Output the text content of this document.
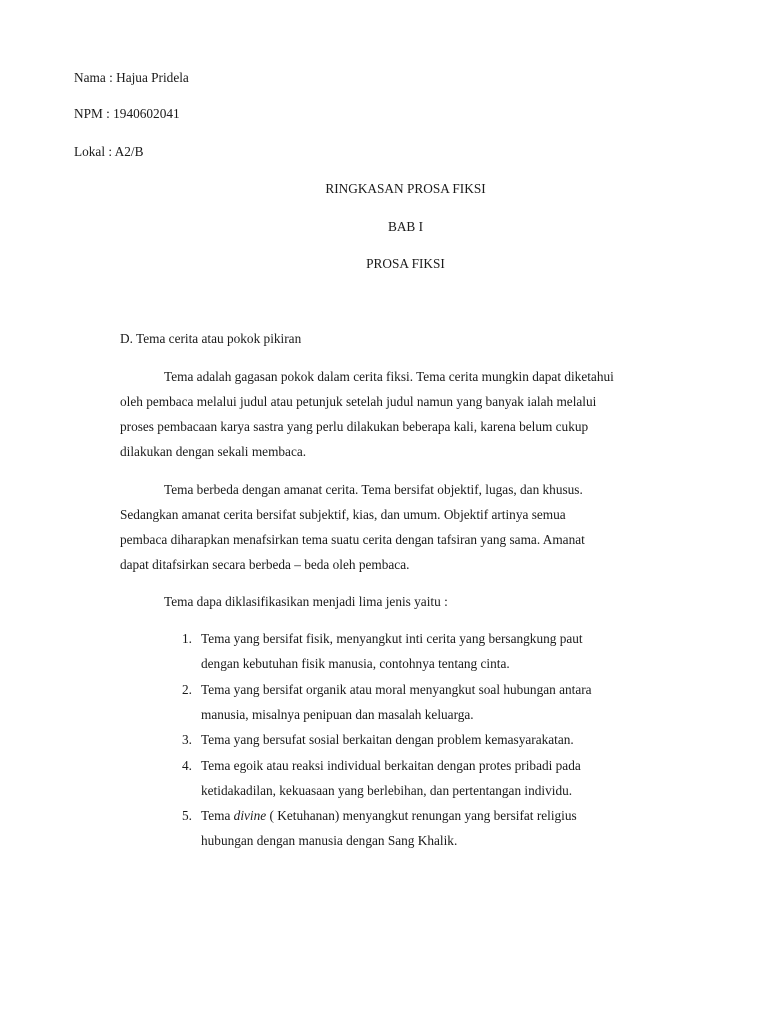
Nama : Hajua Pridela
NPM : 1940602041
Lokal : A2/B
RINGKASAN PROSA FIKSI
BAB I
PROSA FIKSI
D. Tema cerita atau pokok pikiran
Tema adalah gagasan pokok dalam cerita fiksi. Tema cerita mungkin dapat diketahui
oleh pembaca melalui judul atau petunjuk setelah judul namun yang banyak ialah melalui
proses pembacaan karya sastra yang perlu dilakukan beberapa kali, karena belum cukup
dilakukan dengan sekali membaca.
Tema berbeda dengan amanat cerita. Tema bersifat objektif, lugas, dan khusus.
Sedangkan amanat cerita bersifat subjektif, kias, dan umum. Objektif artinya semua
pembaca diharapkan menafsirkan tema suatu cerita dengan tafsiran yang sama. Amanat
dapat ditafsirkan secara berbeda – beda oleh pembaca.
Tema dapa diklasifikasikan menjadi lima jenis yaitu :
1. Tema yang bersifat fisik, menyangkut inti cerita yang bersangkung paut
dengan kebutuhan fisik manusia, contohnya tentang cinta.
2. Tema yang bersifat organik atau moral menyangkut soal hubungan antara
manusia, misalnya penipuan dan masalah keluarga.
3. Tema yang bersufat sosial berkaitan dengan problem kemasyarakatan.
4. Tema egoik atau reaksi individual berkaitan dengan protes pribadi pada
ketidakadilan, kekuasaan yang berlebihan, dan pertentangan individu.
5. Tema divine ( Ketuhanan) menyangkut renungan yang bersifat religius
hubungan dengan manusia dengan Sang Khalik.
